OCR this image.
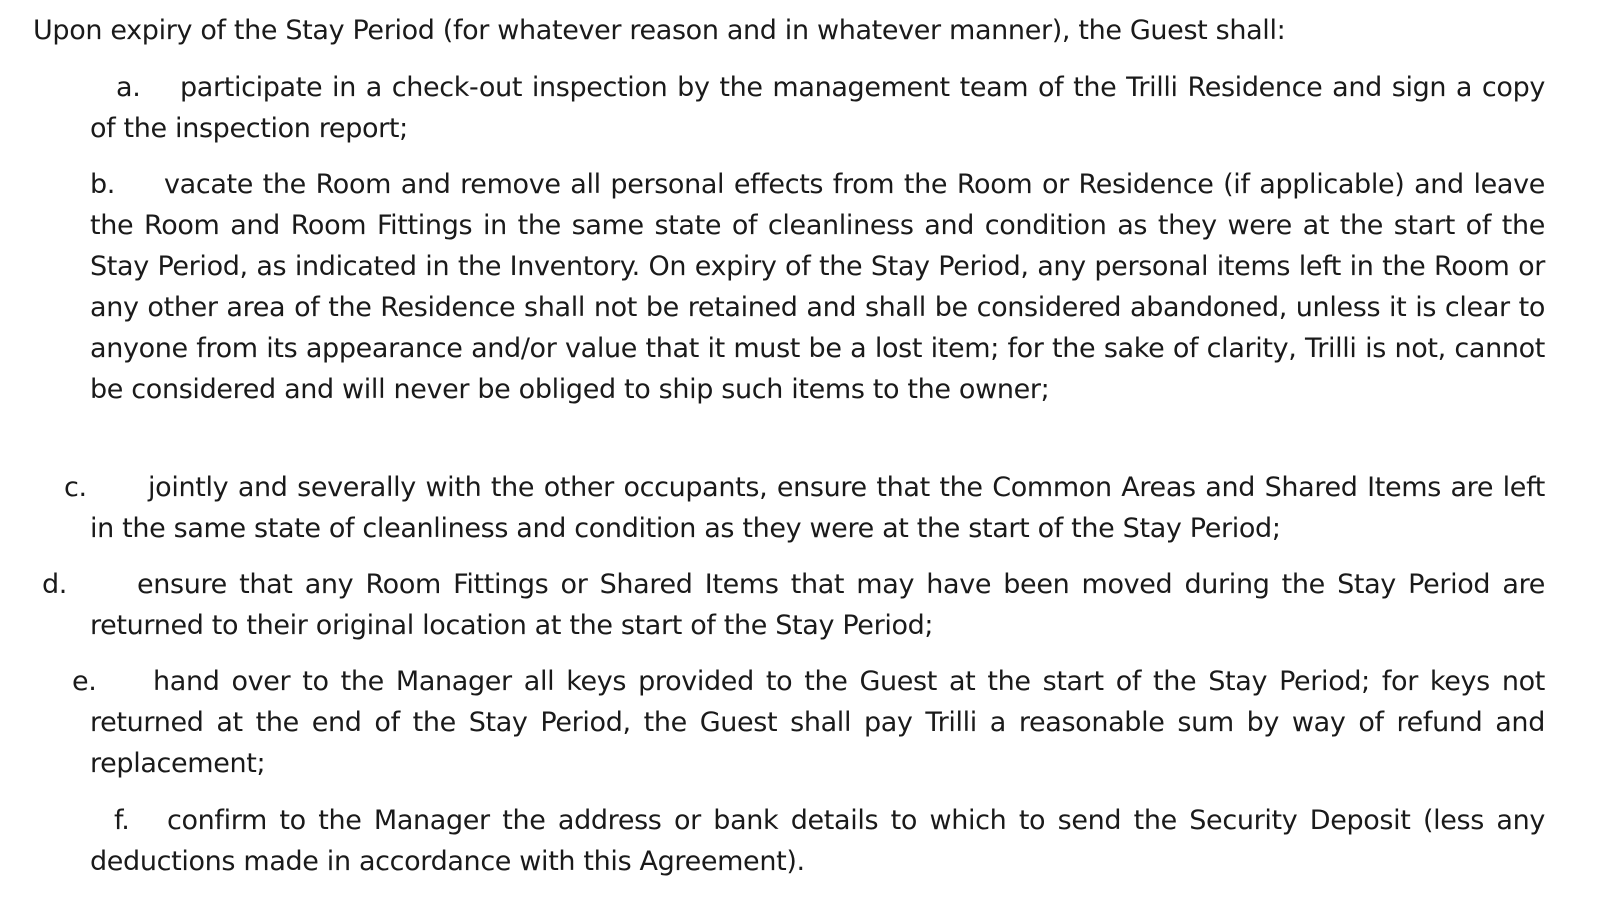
Upon expiry of the Stay Period (for whatever reason and in whatever manner), the Guest shall:

a. participate in a check-out inspection by the management team of the Trilli Residence and sign a copy of the inspection report;

b. vacate the Room and remove all personal effects from the Room or Residence (if applicable) and leave the Room and Room Fittings in the same state of cleanliness and condition as they were at the start of the Stay Period, as indicated in the Inventory. On expiry of the Stay Period, any personal items left in the Room or any other area of the Residence shall not be retained and shall be considered abandoned, unless it is clear to anyone from its appearance and/or value that it must be a lost item; for the sake of clarity, Trilli is not, cannot be considered and will never be obliged to ship such items to the owner;

c. jointly and severally with the other occupants, ensure that the Common Areas and Shared Items are left in the same state of cleanliness and condition as they were at the start of the Stay Period;

d.	ensure that any Room Fittings or Shared Items that may have been moved during the Stay Period are returned to their original location at the start of the Stay Period;

e. hand over to the Manager all keys provided to the Guest at the start of the Stay Period; for keys not returned at the end of the Stay Period, the Guest shall pay Trilli a reasonable sum by way of refund and replacement;

f. confirm to the Manager the address or bank details to which to send the Security Deposit (less any deductions made in accordance with this Agreement).
